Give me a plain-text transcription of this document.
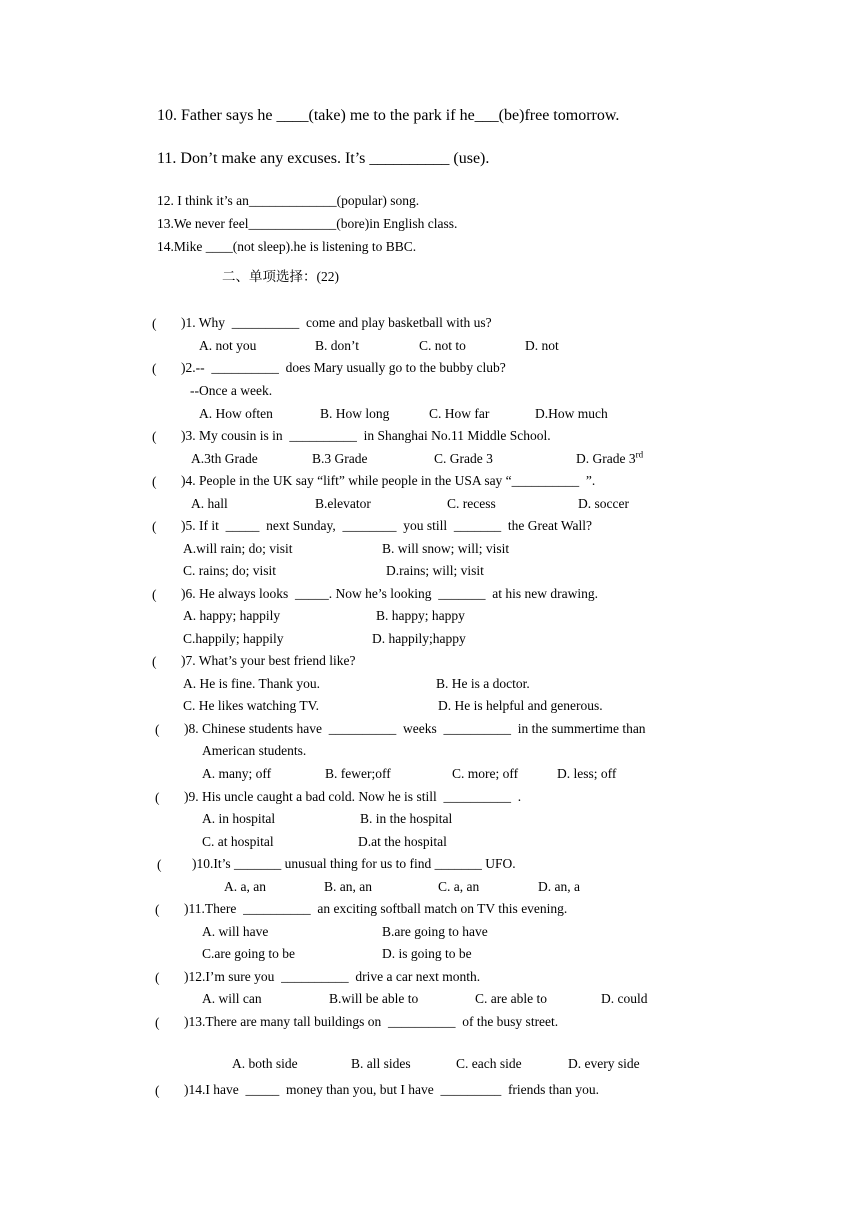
10. Father says he ____(take) me to the park if he___(be)free tomorrow.
11. Don’t make any excuses. It’s __________ (use).
12. I think it’s an_____________(popular) song.
13.We never feel_____________(bore)in English class.
14.Mike ____(not sleep).he is listening to BBC.
二、单项选择：(22)
( )1. Why  __________  come and play basketball with us?
A. not you	B. don’t	C. not to	D. not
( )2.--  __________  does Mary usually go to the bubby club?
--Once a week.
A. How often	B. How long	C. How far	D.How much
( )3. My cousin is in  __________  in Shanghai No.11 Middle School.
A.3th Grade	B.3 Grade	C. Grade 3	D. Grade 3rd
( )4. People in the UK say “lift” while people in the USA say “__________  ”.
A. hall	B.elevator	C. recess	D. soccer
( )5. If it  _____  next Sunday,  ________  you still  _______  the Great Wall?
A.will rain; do; visit	B. will snow; will; visit
C. rains; do; visit	D.rains; will; visit
( )6. He always looks  _____. Now he’s looking  _______  at his new drawing.
A. happy; happily	B. happy; happy
C.happily; happily	D. happily;happy
( )7. What’s your best friend like?
A. He is fine. Thank you.	B. He is a doctor.
C. He likes watching TV.	D. He is helpful and generous.
( )8. Chinese students have  __________  weeks  __________  in the summertime than
American students.
A. many; off	B. fewer;off	C. more; off	D. less; off
( )9. His uncle caught a bad cold. Now he is still  __________  .
A. in hospital	B. in the hospital
C. at hospital	D.at the hospital
( )10.It’s _______ unusual thing for us to find _______ UFO.
A. a, an	B. an, an	C. a, an	D. an, a
( )11.There  __________  an exciting softball match on TV this evening.
A. will have	B.are going to have
C.are going to be	D. is going to be
( )12.I’m sure you  __________  drive a car next month.
A. will can	B.will be able to	C. are able to	D. could
( )13.There are many tall buildings on  __________  of the busy street.
A. both side	B. all sides	C. each side	D. every side
( )14.I have  _____  money than you, but I have  _________  friends than you.
